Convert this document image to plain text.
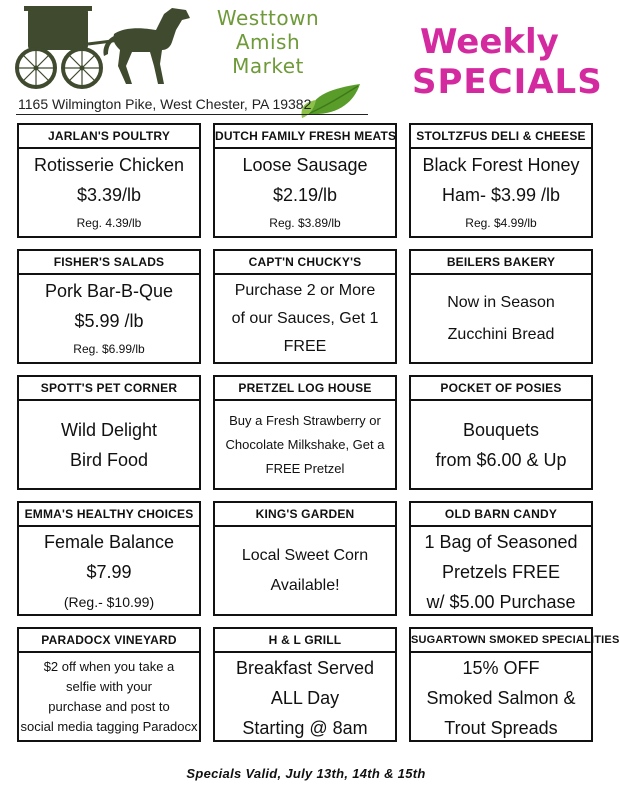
Westtown
Amish
Market
1165 Wilmington Pike, West Chester, PA 19382
Weekly
SPECIALS
JARLAN'S POULTRY
Rotisserie Chicken
$3.39/lb
Reg. 4.39/lb
DUTCH FAMILY FRESH MEATS
Loose Sausage
$2.19/lb
Reg. $3.89/lb
STOLTZFUS DELI & CHEESE
Black Forest Honey
Ham- $3.99 /lb
Reg. $4.99/lb
FISHER'S SALADS
Pork Bar-B-Que
$5.99 /lb
Reg. $6.99/lb
CAPT'N CHUCKY'S
Purchase 2 or More
of our Sauces, Get 1
FREE
BEILERS BAKERY
Now in Season
Zucchini Bread
SPOTT'S PET CORNER
Wild Delight
Bird Food
PRETZEL LOG HOUSE
Buy a Fresh Strawberry or
Chocolate Milkshake, Get a
FREE Pretzel
POCKET OF POSIES
Bouquets
from $6.00 & Up
EMMA'S HEALTHY CHOICES
Female Balance
$7.99
(Reg.- $10.99)
KING'S GARDEN
Local Sweet Corn
Available!
OLD BARN CANDY
1 Bag of Seasoned
Pretzels FREE
w/ $5.00 Purchase
PARADOCX VINEYARD
$2 off when you take a
selfie with your
purchase and post to
social media tagging Paradocx
H & L GRILL
Breakfast Served
ALL Day
Starting @ 8am
SUGARTOWN SMOKED SPECIALITIES
15% OFF
Smoked Salmon &
Trout Spreads
Specials Valid, July 13th, 14th & 15th
